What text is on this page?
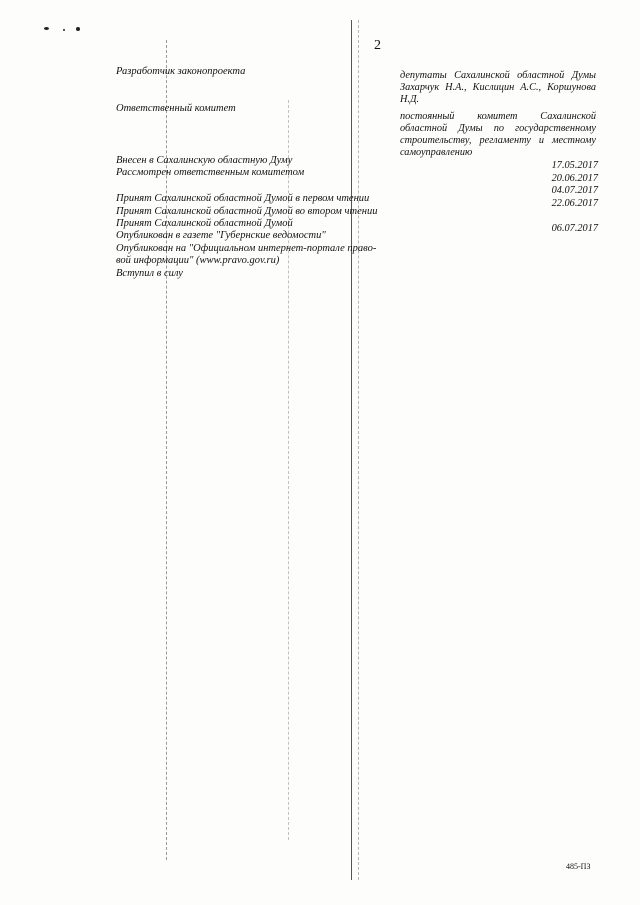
2
Разработчик законопроекта
Ответственный комитет
Внесен в Сахалинскую областную Думу
Рассмотрен ответственным комитетом
Принят Сахалинской областной Думой в первом чтении
Принят Сахалинской областной Думой во втором чтении
Принят Сахалинской областной Думой
Опубликован в газете "Губернские ведомости"
Опубликован на "Официальном интернет-портале право-
вой информации" (www.pravo.gov.ru)
Вступил в силу
депутаты Сахалинской областной Думы Захарчук Н.А., Кислицин А.С., Коршунова Н.Д.
постоянный комитет Сахалинской областной Думы по государственному строительству, регламенту и местному самоуправлению
17.05.2017
20.06.2017
04.07.2017
22.06.2017
06.07.2017
485-ПЗ
